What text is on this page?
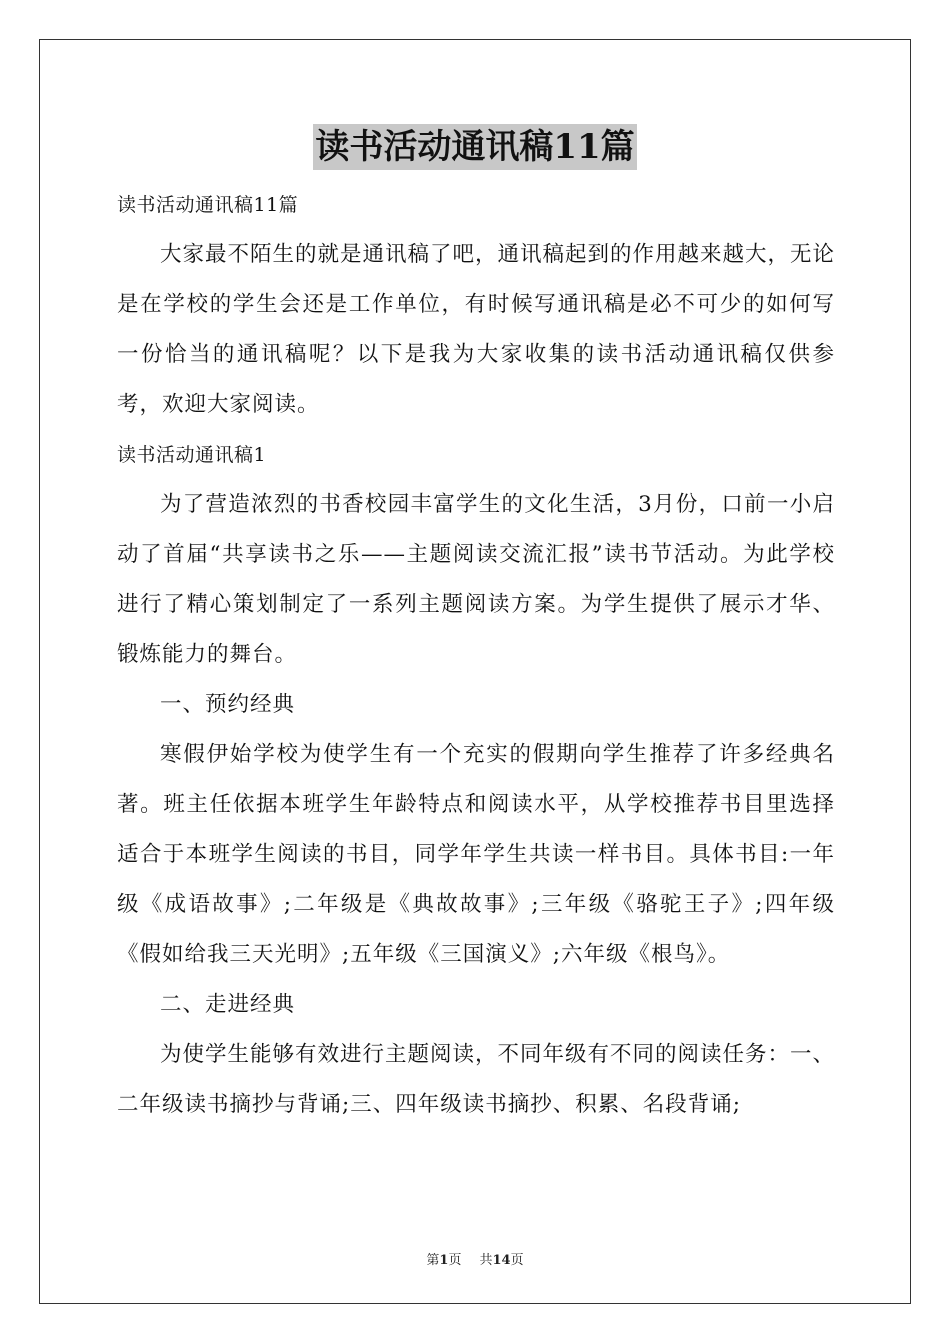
读书活动通讯稿11篇

读书活动通讯稿11篇

大家最不陌生的就是通讯稿了吧，通讯稿起到的作用越来越大，无论是在学校的学生会还是工作单位，有时候写通讯稿是必不可少的如何写一份恰当的通讯稿呢？以下是我为大家收集的读书活动通讯稿仅供参考，欢迎大家阅读。

读书活动通讯稿1

为了营造浓烈的书香校园丰富学生的文化生活，3月份，口前一小启动了首届“共享读书之乐——主题阅读交流汇报”读书节活动。为此学校进行了精心策划制定了一系列主题阅读方案。为学生提供了展示才华、锻炼能力的舞台。

一、预约经典

寒假伊始学校为使学生有一个充实的假期向学生推荐了许多经典名著。班主任依据本班学生年龄特点和阅读水平，从学校推荐书目里选择适合于本班学生阅读的书目，同学年学生共读一样书目。具体书目:一年级《成语故事》;二年级是《典故故事》;三年级《骆驼王子》;四年级《假如给我三天光明》;五年级《三国演义》;六年级《根鸟》。

二、走进经典

为使学生能够有效进行主题阅读，不同年级有不同的阅读任务：一、二年级读书摘抄与背诵;三、四年级读书摘抄、积累、名段背诵;

第1页 共14页
